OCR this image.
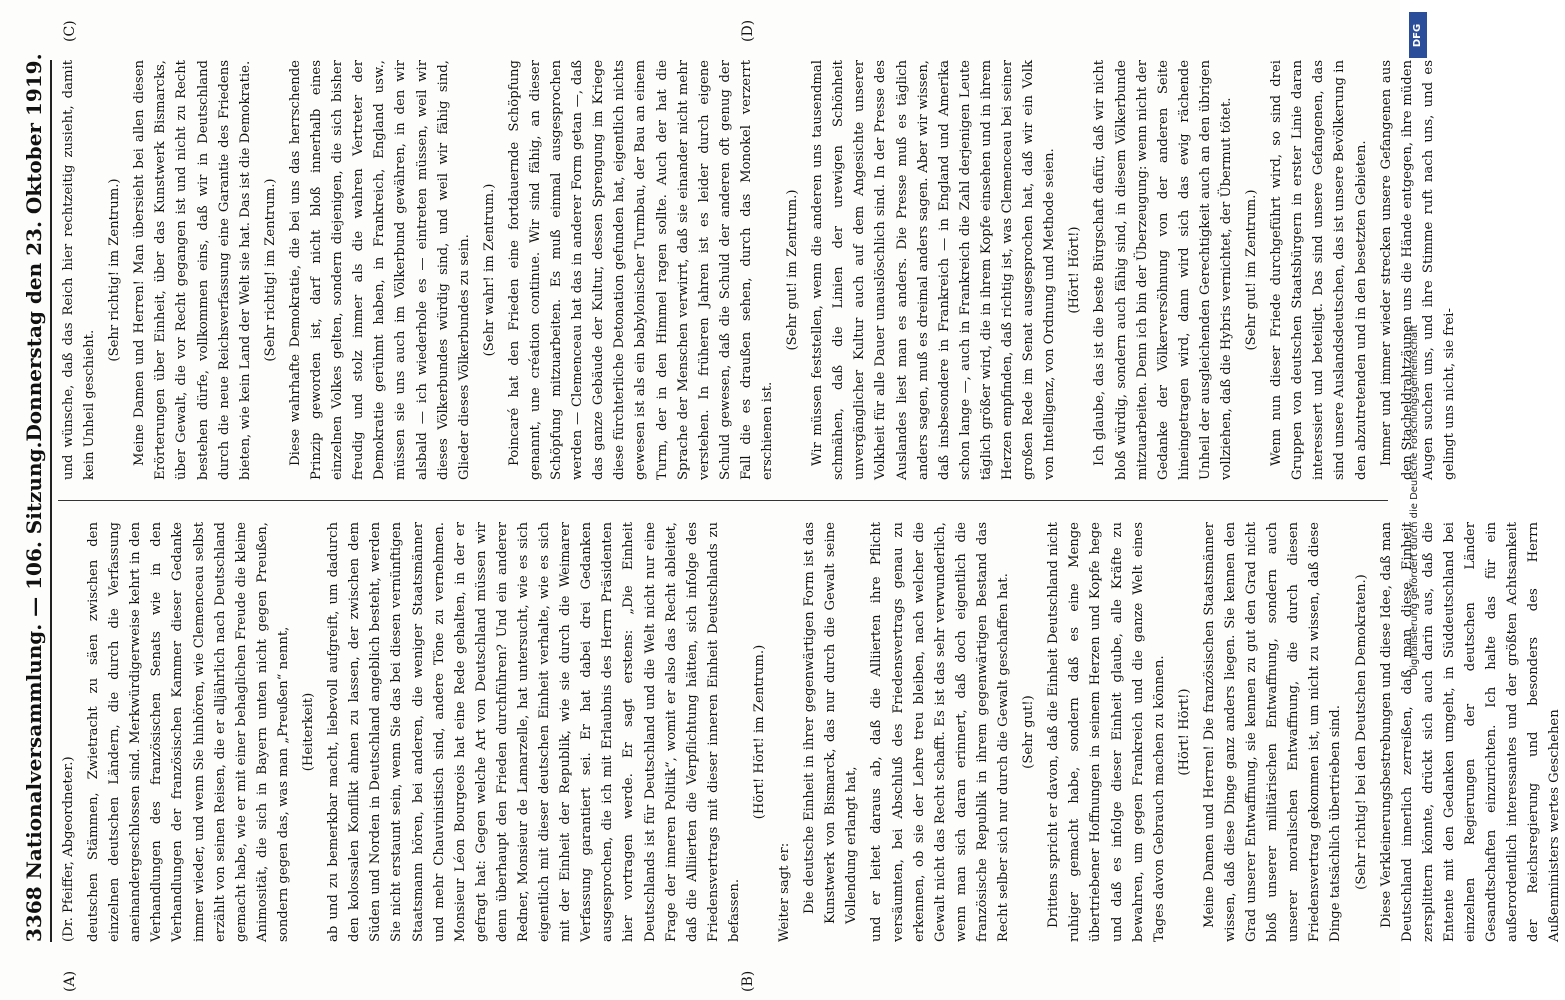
3368 Nationalversammlung. — 106. Sitzung.
Donnerstag den 23. Oktober 1919.
(A)	(B)
(C)	(D)

(Dr. Pfeiffer, Abgeordneter.) deutschen Stämmen, Zwietracht zu säen zwischen den einzelnen deutschen Ländern, die durch die Verfassung aneinandergeschlossen sind. Merkwürdigerweise kehrt in den Verhandlungen des französischen Senats wie in den Verhandlungen der französischen Kammer dieser Gedanke immer wieder, und wenn Sie hinhören, wie Clemenceau selbst erzählt von seinen Reisen, die er alljährlich nach Deutschland gemacht habe, wie er mit einer behaglichen Freude die kleine Animosität, die sich in Bayern unten nicht gegen Preußen, sondern gegen das, was man „Preußen“ nennt, (Heiterkeit) ab und zu bemerkbar macht, liebevoll aufgreift, um dadurch den kolossalen Konflikt ahnen zu lassen, der zwischen dem Süden und Norden in Deutschland angeblich besteht, werden Sie nicht erstaunt sein, wenn Sie das bei diesen vernünftigen Staatsmann hören, bei anderen, die weniger Staatsmänner und mehr Chauvinistisch sind, andere Töne zu vernehmen. Monsieur Léon Bourgeois hat eine Rede gehalten, in der er gefragt hat: Gegen welche Art von Deutschland müssen wir denn überhaupt den Frieden durchführen? Und ein anderer Redner, Monsieur de Lamarzelle, hat untersucht, wie es sich eigentlich mit dieser deutschen Einheit verhalte, wie es sich mit der Einheit der Republik, wie sie durch die Weimarer Verfassung garantiert sei. Er hat dabei drei Gedanken ausgesprochen, die ich mit Erlaubnis des Herrn Präsidenten hier vortragen werde. Er sagt erstens: „Die Einheit Deutschlands ist für Deutschland und die Welt nicht nur eine Frage der inneren Politik“, womit er also das Recht ableitet, daß die Alliierten die Verpflichtung hätten, sich infolge des Friedensvertrags mit dieser inneren Einheit Deutschlands zu befassen.

(Hört! Hört! im Zentrum.)

Weiter sagt er: Die deutsche Einheit in ihrer gegenwärtigen Form ist das Kunstwerk von Bismarck, das nur durch die Gewalt seine Vollendung erlangt hat, und er leitet daraus ab, daß die Alliierten ihre Pflicht versäumten, bei Abschluß des Friedensvertrags genau zu erkennen, ob sie der Lehre treu bleiben, nach welcher die Gewalt nicht das Recht schafft. Es ist das sehr verwunderlich, wenn man sich daran erinnert, daß doch eigentlich die französische Republik in ihrem gegenwärtigen Bestand das Recht selber sich nur durch die Gewalt geschaffen hat. (Sehr gut!) Drittens spricht er davon, daß die Einheit Deutschland nicht ruhiger gemacht habe, sondern daß es eine Menge übertriebener Hoffnungen in seinem Herzen und Kopfe hege und daß es infolge dieser Einheit glaube, alle Kräfte zu bewahren, um gegen Frankreich und die ganze Welt eines Tages davon Gebrauch machen zu können. (Hört! Hört!) Meine Damen und Herren! Die französischen Staatsmänner wissen, daß diese Dinge ganz anders liegen. Sie kennen den Grad unserer Entwaffnung, sie kennen zu gut den Grad nicht bloß unserer militärischen Entwaffnung, sondern auch unserer moralischen Entwaffnung, die durch diesen Friedensvertrag gekommen ist, um nicht zu wissen, daß diese Dinge tatsächlich übertrieben sind. (Sehr richtig! bei den Deutschen Demokraten.) Diese Verkleinerungsbestrebungen und diese Idee, daß man Deutschland innerlich zerreißen, daß man diese Einheit zersplittern könnte, drückt sich auch darin aus, daß die Entente mit den Gedanken umgeht, in Süddeutschland bei einzelnen Regierungen der deutschen Länder Gesandtschaften einzurichten. Ich halte das für ein außerordentlich interessantes und der größten Achtsamkeit der Reichsregierung und besonders des Herrn Außenministers wertes Geschehen

und wünsche, daß das Reich hier rechtzeitig zusieht, damit kein Unheil geschieht.

(Sehr richtig! im Zentrum.) Meine Damen und Herren! Man übersieht bei allen diesen Erörterungen über Einheit, über das Kunstwerk Bismarcks, über Gewalt, die vor Recht gegangen ist und nicht zu Recht bestehen dürfe, vollkommen eins, daß wir in Deutschland durch die neue Reichsverfassung eine Garantie des Friedens bieten, wie kein Land der Welt sie hat. Das ist die Demokratie. (Sehr richtig! im Zentrum.) Diese wahrhafte Demokratie, die bei uns das herrschende Prinzip geworden ist, darf nicht bloß innerhalb eines einzelnen Volkes gelten, sondern diejenigen, die sich bisher freudig und stolz immer als die wahren Vertreter der Demokratie gerühmt haben, in Frankreich, England usw., müssen sie uns auch im Völkerbund gewähren, in den wir alsbald — ich wiederhole es — eintreten müssen, weil wir dieses Völkerbundes würdig sind, und weil wir fähig sind, Glieder dieses Völkerbundes zu sein. (Sehr wahr! im Zentrum.) Poincaré hat den Frieden eine fortdauernde Schöpfung genannt, une création continue. Wir sind fähig, an dieser Schöpfung mitzuarbeiten. Es muß einmal ausgesprochen werden — Clemenceau hat das in anderer Form getan —, daß das ganze Gebäude der Kultur, dessen Sprengung im Kriege diese fürchterliche Detonation gefunden hat, eigentlich nichts gewesen ist als ein babylonischer Turmbau, der Bau an einem Turm, der in den Himmel ragen sollte. Auch der hat die Sprache der Menschen verwirrt, daß sie einander nicht mehr verstehen. In früheren Jahren ist es leider durch eigene Schuld gewesen, daß die Schuld der anderen oft genug der Fall die es draußen sehen, durch das Monokel verzerrt erschienen ist.

(Sehr gut! im Zentrum.) Wir müssen feststellen, wenn die anderen uns tausendmal schmähen, daß die Linien der urewigen Schönheit unvergänglicher Kultur auch auf dem Angesichte unserer Volkheit für alle Dauer unauslöschlich sind. In der Presse des Auslandes liest man es anders. Die Presse muß es täglich anders sagen, muß es dreimal anders sagen. Aber wir wissen, daß insbesondere in Frankreich — in England und Amerika schon lange —, auch in Frankreich die Zahl derjenigen Leute täglich größer wird, die in ihrem Kopfe einsehen und in ihrem Herzen empfinden, daß richtig ist, was Clemenceau bei seiner großen Rede im Senat ausgesprochen hat, daß wir ein Volk von Intelligenz, von Ordnung und Methode seien. (Hört! Hört!) Ich glaube, das ist die beste Bürgschaft dafür, daß wir nicht bloß würdig, sondern auch fähig sind, in diesem Völkerbunde mitzuarbeiten. Denn ich bin der Überzeugung: wenn nicht der Gedanke der Völkerversöhnung von der anderen Seite hineingetragen wird, dann wird sich das ewig rächende Unheil der ausgleichenden Gerechtigkeit auch an den übrigen vollziehen, daß die Hybris vernichtet, der Übermut tötet. (Sehr gut! im Zentrum.) Wenn nun dieser Friede durchgeführt wird, so sind drei Gruppen von deutschen Staatsbürgern in erster Linie daran interessiert und beteiligt. Das sind unsere Gefangenen, das sind unsere Auslandsdeutschen, das ist unsere Bevölkerung in den abzutretenden und in den besetzten Gebieten. Immer und immer wieder strecken unsere Gefangenen aus den Stacheldrahtzäunen uns die Hände entgegen, ihre müden Augen suchen uns, und ihre Stimme ruft nach uns, und es gelingt uns nicht, sie frei-

DFG
Digitalisierung gefördert durch die Deutsche Forschungsgemeinschaft
